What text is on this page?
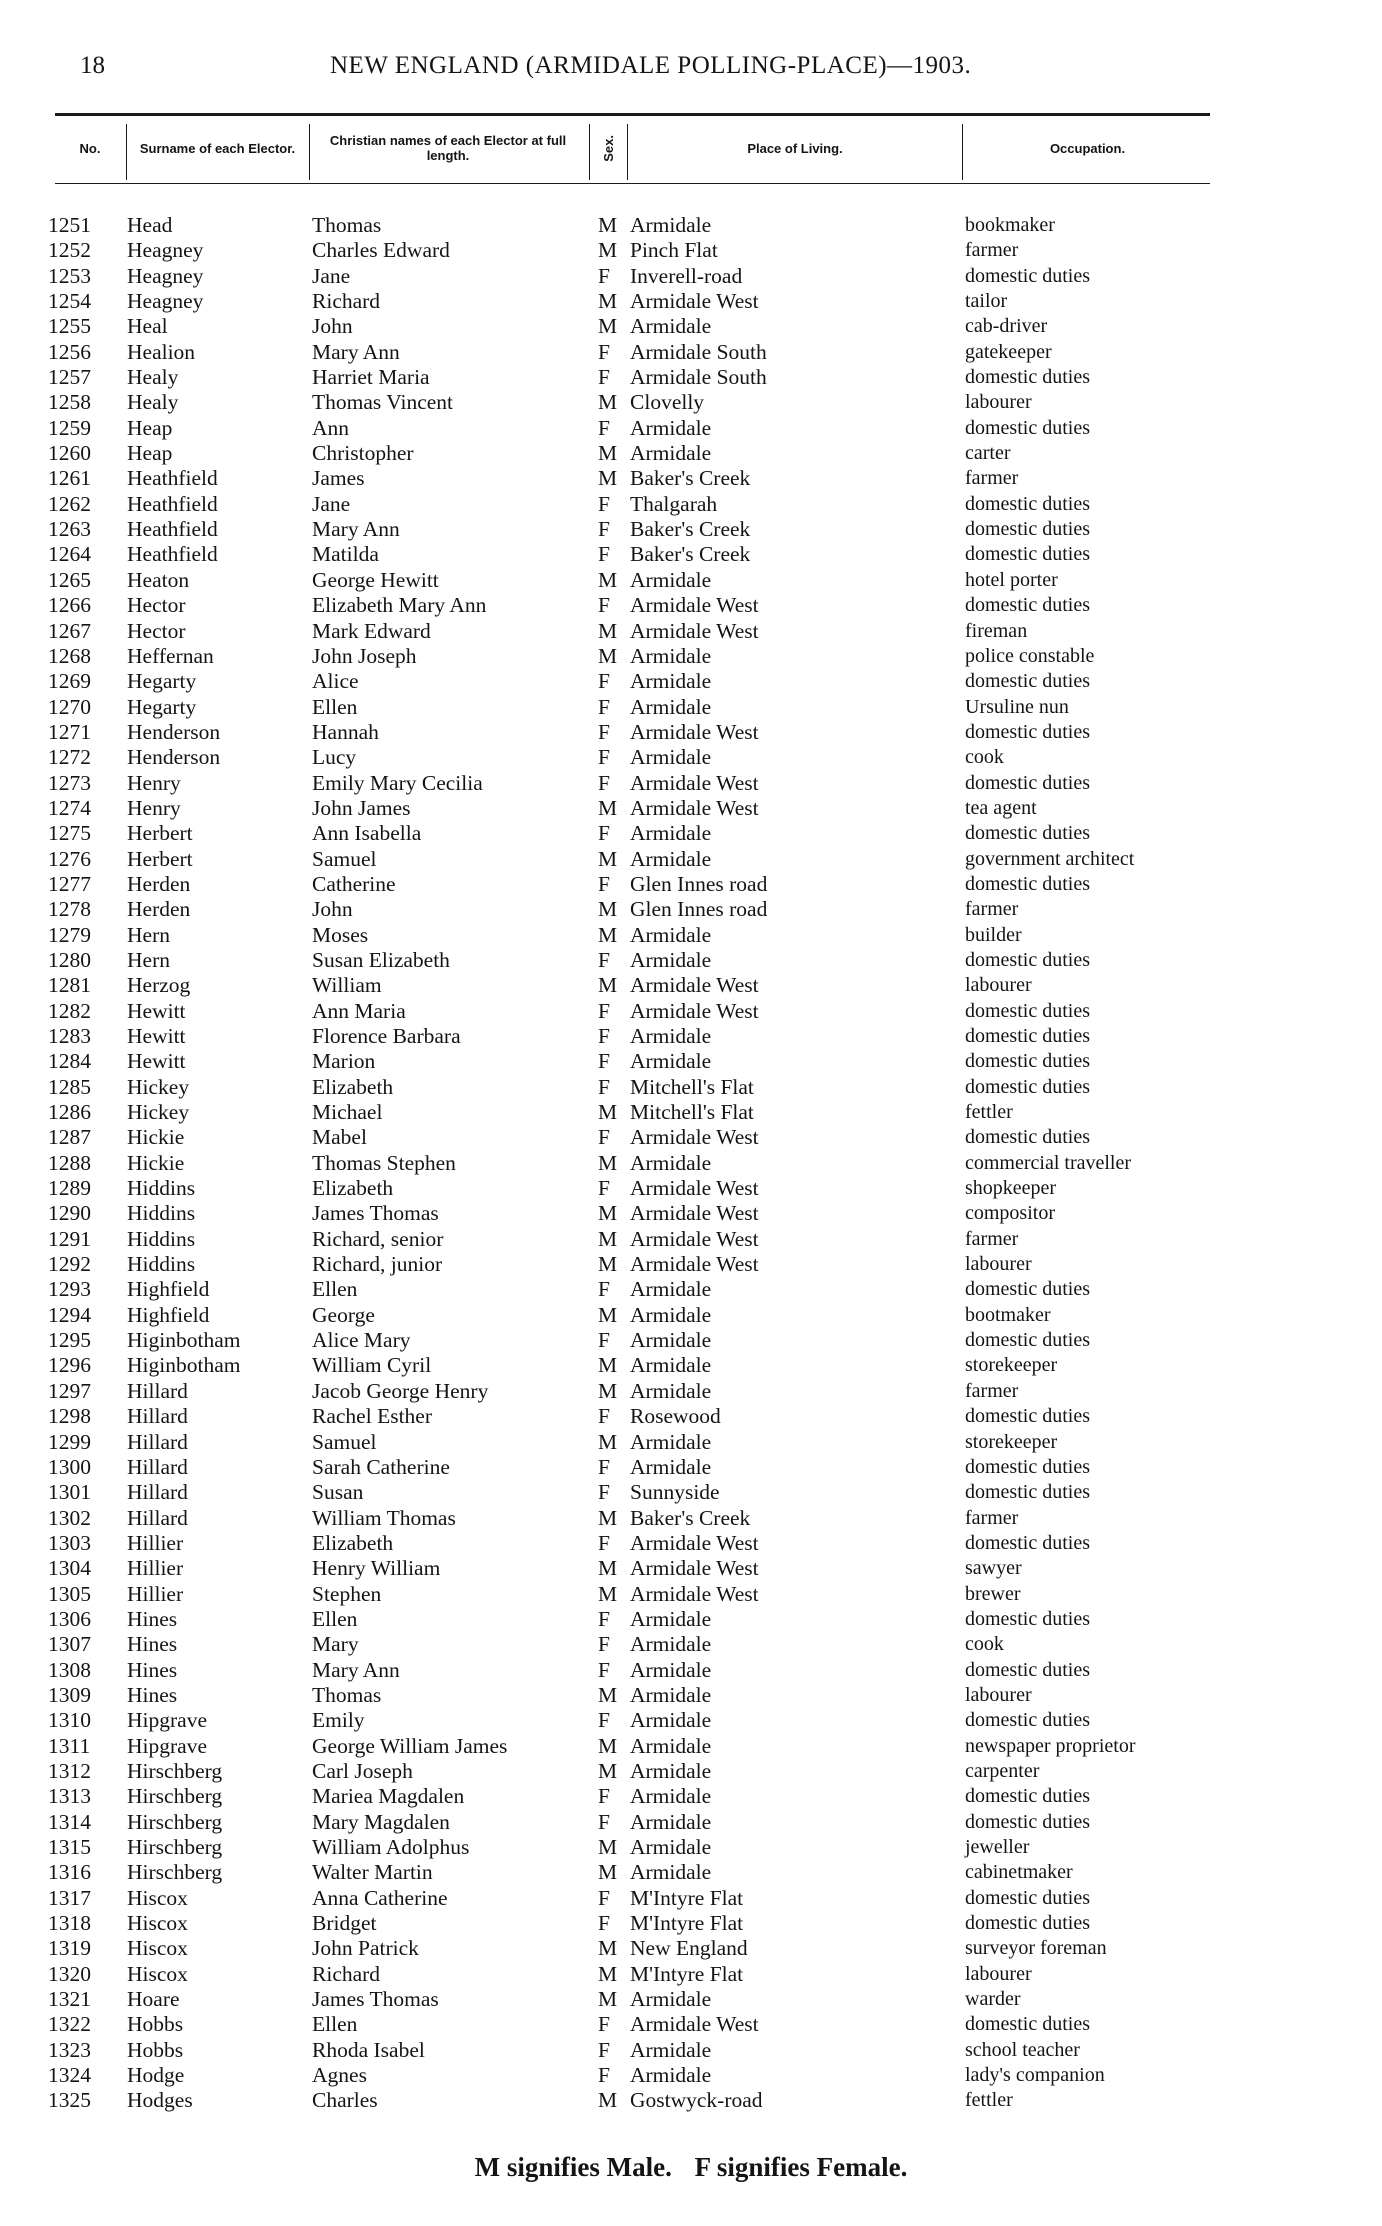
18	NEW ENGLAND (ARMIDALE POLLING-PLACE)—1903.
No.	Surname of each Elector.	Christian names of each Elector at full length.	Sex.	Place of Living.	Occupation.
1251 Head	Thomas	M Armidale	bookmaker
1252 Heagney	Charles Edward	M Pinch Flat	farmer
1253 Heagney	Jane	F Inverell-road	domestic duties
1254 Heagney	Richard	M Armidale West	tailor
1255 Heal	John	M Armidale	cab-driver
1256 Healion	Mary Ann	F Armidale South	gatekeeper
1257 Healy	Harriet Maria	F Armidale South	domestic duties
1258 Healy	Thomas Vincent	M Clovelly	labourer
1259 Heap	Ann	F Armidale	domestic duties
1260 Heap	Christopher	M Armidale	carter
1261 Heathfield	James	M Baker's Creek	farmer
1262 Heathfield	Jane	F Thalgarah	domestic duties
1263 Heathfield	Mary Ann	F Baker's Creek	domestic duties
1264 Heathfield	Matilda	F Baker's Creek	domestic duties
1265 Heaton	George Hewitt	M Armidale	hotel porter
1266 Hector	Elizabeth Mary Ann	F Armidale West	domestic duties
1267 Hector	Mark Edward	M Armidale West	fireman
1268 Heffernan	John Joseph	M Armidale	police constable
1269 Hegarty	Alice	F Armidale	domestic duties
1270 Hegarty	Ellen	F Armidale	Ursuline nun
1271 Henderson	Hannah	F Armidale West	domestic duties
1272 Henderson	Lucy	F Armidale	cook
1273 Henry	Emily Mary Cecilia	F Armidale West	domestic duties
1274 Henry	John James	M Armidale West	tea agent
1275 Herbert	Ann Isabella	F Armidale	domestic duties
1276 Herbert	Samuel	M Armidale	government architect
1277 Herden	Catherine	F Glen Innes road	domestic duties
1278 Herden	John	M Glen Innes road	farmer
1279 Hern	Moses	M Armidale	builder
1280 Hern	Susan Elizabeth	F Armidale	domestic duties
1281 Herzog	William	M Armidale West	labourer
1282 Hewitt	Ann Maria	F Armidale West	domestic duties
1283 Hewitt	Florence Barbara	F Armidale	domestic duties
1284 Hewitt	Marion	F Armidale	domestic duties
1285 Hickey	Elizabeth	F Mitchell's Flat	domestic duties
1286 Hickey	Michael	M Mitchell's Flat	fettler
1287 Hickie	Mabel	F Armidale West	domestic duties
1288 Hickie	Thomas Stephen	M Armidale	commercial traveller
1289 Hiddins	Elizabeth	F Armidale West	shopkeeper
1290 Hiddins	James Thomas	M Armidale West	compositor
1291 Hiddins	Richard, senior	M Armidale West	farmer
1292 Hiddins	Richard, junior	M Armidale West	labourer
1293 Highfield	Ellen	F Armidale	domestic duties
1294 Highfield	George	M Armidale	bootmaker
1295 Higinbotham	Alice Mary	F Armidale	domestic duties
1296 Higinbotham	William Cyril	M Armidale	storekeeper
1297 Hillard	Jacob George Henry	M Armidale	farmer
1298 Hillard	Rachel Esther	F Rosewood	domestic duties
1299 Hillard	Samuel	M Armidale	storekeeper
1300 Hillard	Sarah Catherine	F Armidale	domestic duties
1301 Hillard	Susan	F Sunnyside	domestic duties
1302 Hillard	William Thomas	M Baker's Creek	farmer
1303 Hillier	Elizabeth	F Armidale West	domestic duties
1304 Hillier	Henry William	M Armidale West	sawyer
1305 Hillier	Stephen	M Armidale West	brewer
1306 Hines	Ellen	F Armidale	domestic duties
1307 Hines	Mary	F Armidale	cook
1308 Hines	Mary Ann	F Armidale	domestic duties
1309 Hines	Thomas	M Armidale	labourer
1310 Hipgrave	Emily	F Armidale	domestic duties
1311 Hipgrave	George William James	M Armidale	newspaper proprietor
1312 Hirschberg	Carl Joseph	M Armidale	carpenter
1313 Hirschberg	Mariea Magdalen	F Armidale	domestic duties
1314 Hirschberg	Mary Magdalen	F Armidale	domestic duties
1315 Hirschberg	William Adolphus	M Armidale	jeweller
1316 Hirschberg	Walter Martin	M Armidale	cabinetmaker
1317 Hiscox	Anna Catherine	F M'Intyre Flat	domestic duties
1318 Hiscox	Bridget	F M'Intyre Flat	domestic duties
1319 Hiscox	John Patrick	M New England	surveyor foreman
1320 Hiscox	Richard	M M'Intyre Flat	labourer
1321 Hoare	James Thomas	M Armidale	warder
1322 Hobbs	Ellen	F Armidale West	domestic duties
1323 Hobbs	Rhoda Isabel	F Armidale	school teacher
1324 Hodge	Agnes	F Armidale	lady's companion
1325 Hodges	Charles	M Gostwyck-road	fettler
M signifies Male. F signifies Female.
